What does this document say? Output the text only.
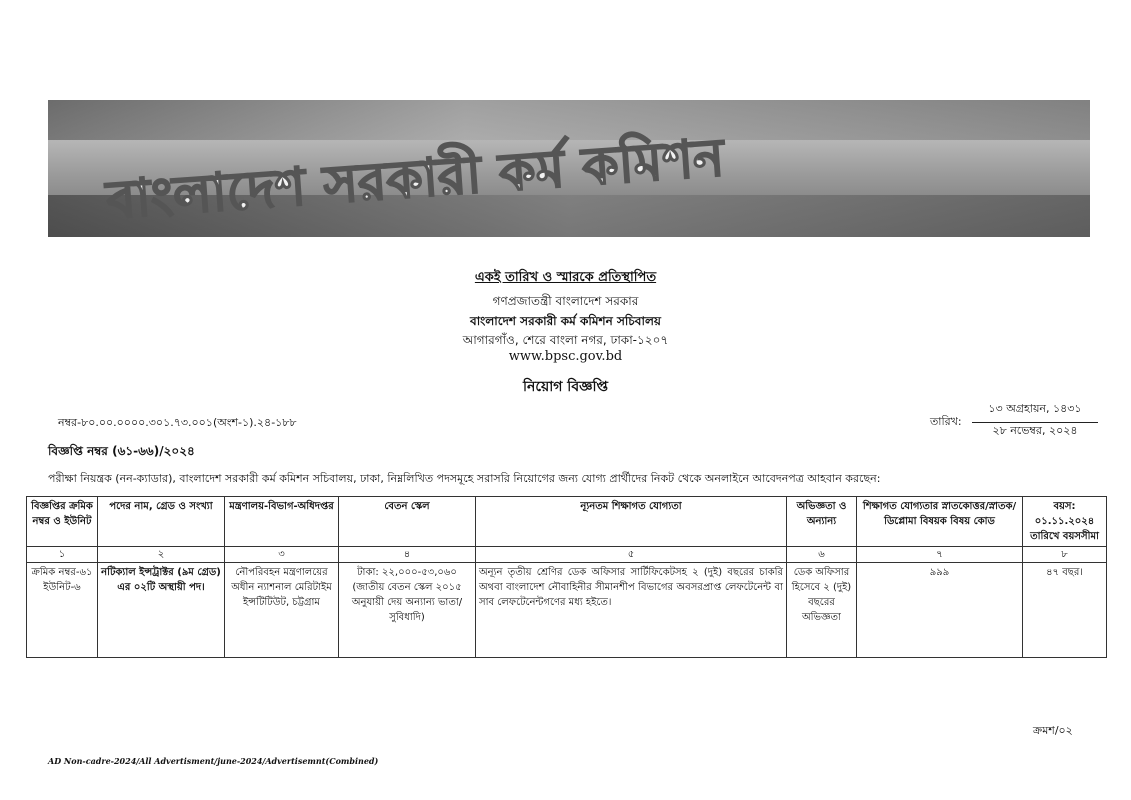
বাংলাদেশ সরকারী কর্ম কমিশন
একই তারিখ ও স্মারকে প্রতিস্থাপিত
গণপ্রজাতন্ত্রী বাংলাদেশ সরকার
বাংলাদেশ সরকারী কর্ম কমিশন সচিবালয়
আগারগাঁও, শেরে বাংলা নগর, ঢাকা-১২০৭
www.bpsc.gov.bd
নিয়োগ বিজ্ঞপ্তি
নম্বর-৮০.০০.০০০০.৩০১.৭৩.০০১(অংশ-১).২৪-১৮৮	তারিখ:
১৩ অগ্রহায়ন, ১৪৩১
২৮ নভেম্বর, ২০২৪
বিজ্ঞপ্তি নম্বর (৬১-৬৬)/২০২৪
পরীক্ষা নিয়ন্ত্রক (নন-ক্যাডার), বাংলাদেশ সরকারী কর্ম কমিশন সচিবালয়, ঢাকা, নিম্নলিখিত পদসমূহে সরাসরি নিয়োগের জন্য যোগ্য প্রার্থীদের নিকট থেকে অনলাইনে আবেদনপত্র আহবান করছেন:
বিজ্ঞপ্তির ক্রমিক নম্বর ও ইউনিট	পদের নাম, গ্রেড ও সংখ্যা	মন্ত্রণালয়-বিভাগ-অধিদপ্তর	বেতন স্কেল	ন্যূনতম শিক্ষাগত যোগ্যতা	অভিজ্ঞতা ও অন্যান্য	শিক্ষাগত যোগ্যতার স্নাতকোত্তর/স্নাতক/ ডিপ্লোমা বিষয়ক বিষয় কোড	বয়স: ০১.১১.২০২৪ তারিখে বয়সসীমা
১	২	৩	৪	৫	৬	৭	৮
ক্রমিক নম্বর-৬১ ইউনিট-৬	নটিক্যাল ইন্সট্রাক্টর (৯ম গ্রেড) এর ০২টি অস্থায়ী পদ।	নৌপরিবহন মন্ত্রণালয়ের অধীন ন্যাশনাল মেরিটাইম ইন্সটিটিউট, চট্টগ্রাম	টাকা: ২২,০০০-৫৩,০৬০ (জাতীয় বেতন স্কেল ২০১৫ অনুযায়ী দেয় অন্যান্য ভাতা/সুবিধাদি)	অন্যূন তৃতীয় শ্রেণির ডেক অফিসার সার্টিফিকেটসহ ২ (দুই) বছরের চাকরি অথবা বাংলাদেশ নৌবাহিনীর সীমানশীপ বিভাগের অবসরপ্রাপ্ত লেফটেনেন্ট বা সাব লেফটেনেন্টগণের মধ্য হইতে।	ডেক অফিসার হিসেবে ২ (দুই) বছরের অভিজ্ঞতা	৯৯৯	৪৭ বছর।
ক্রমশ/০২
AD Non-cadre-2024/All Advertisment/june-2024/Advertisemnt(Combined)
